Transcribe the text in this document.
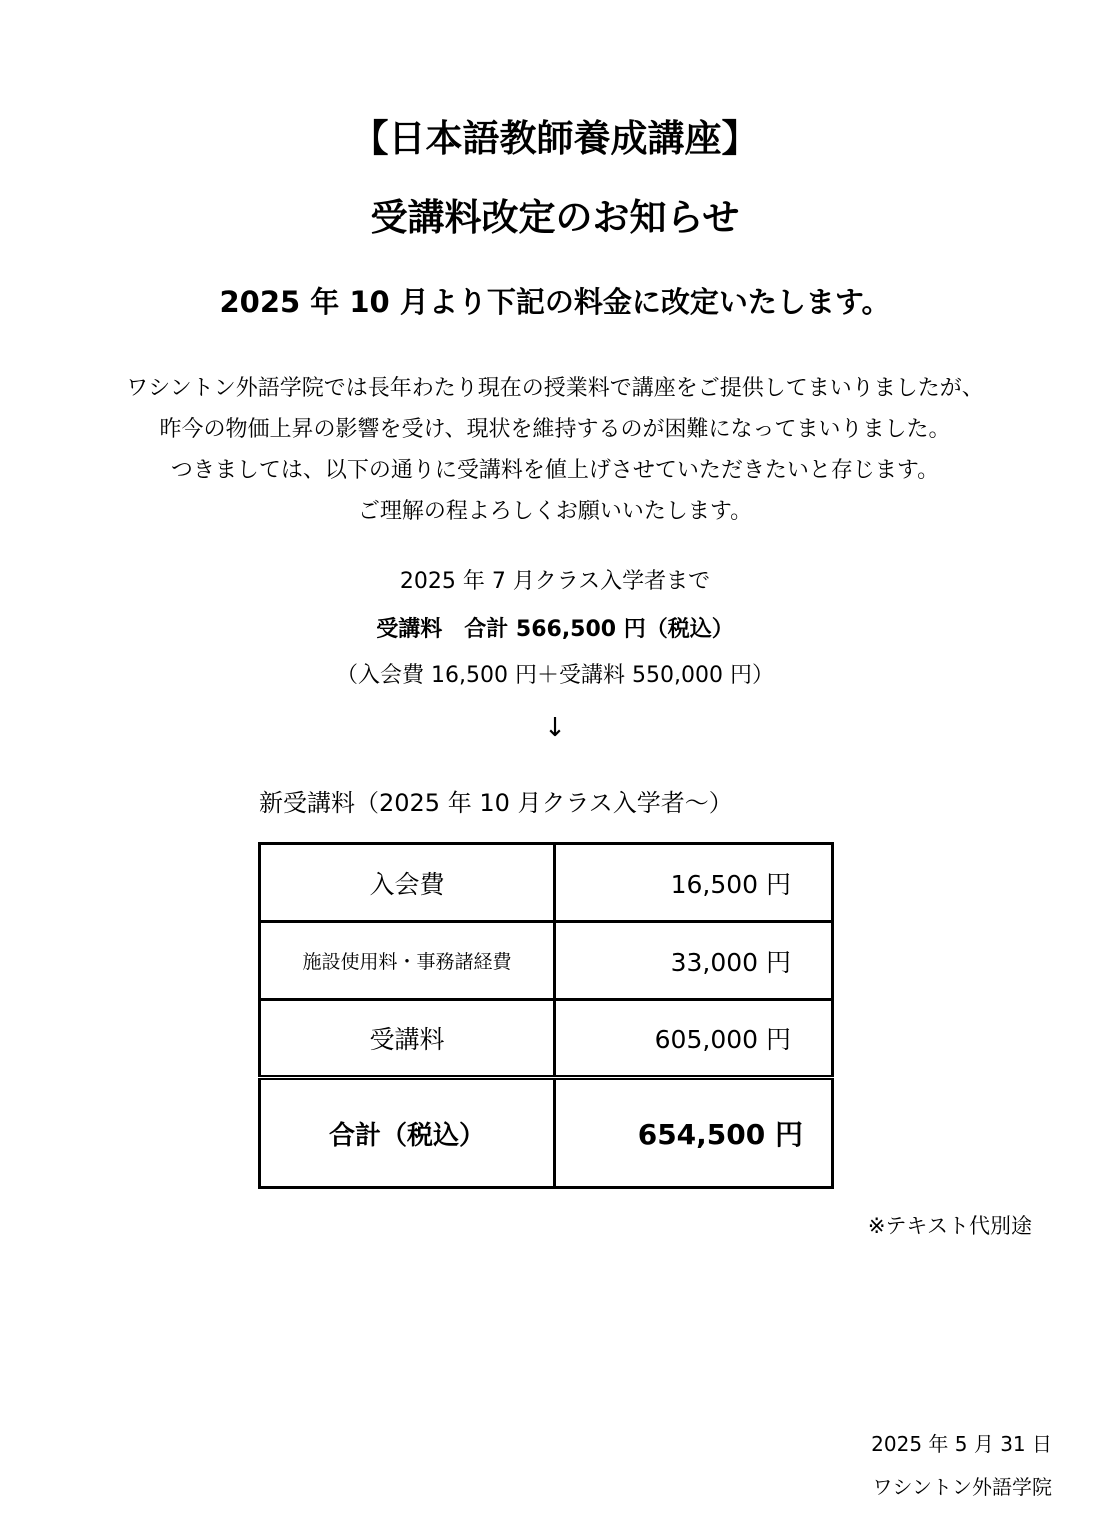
【日本語教師養成講座】
受講料改定のお知らせ
2025 年 10 月より下記の料金に改定いたします。
ワシントン外語学院では長年わたり現在の授業料で講座をご提供してまいりましたが、
昨今の物価上昇の影響を受け、現状を維持するのが困難になってまいりました。
つきましては、以下の通りに受講料を値上げさせていただきたいと存じます。
ご理解の程よろしくお願いいたします。
2025 年 7 月クラス入学者まで
受講料　合計 566,500 円（税込）
（入会費 16,500 円＋受講料 550,000 円）
↓
新受講料（2025 年 10 月クラス入学者～）
入会費	16,500 円
施設使用料・事務諸経費	33,000 円
受講料	605,000 円
合計（税込）	654,500 円
※テキスト代別途
2025 年 5 月 31 日
ワシントン外語学院
